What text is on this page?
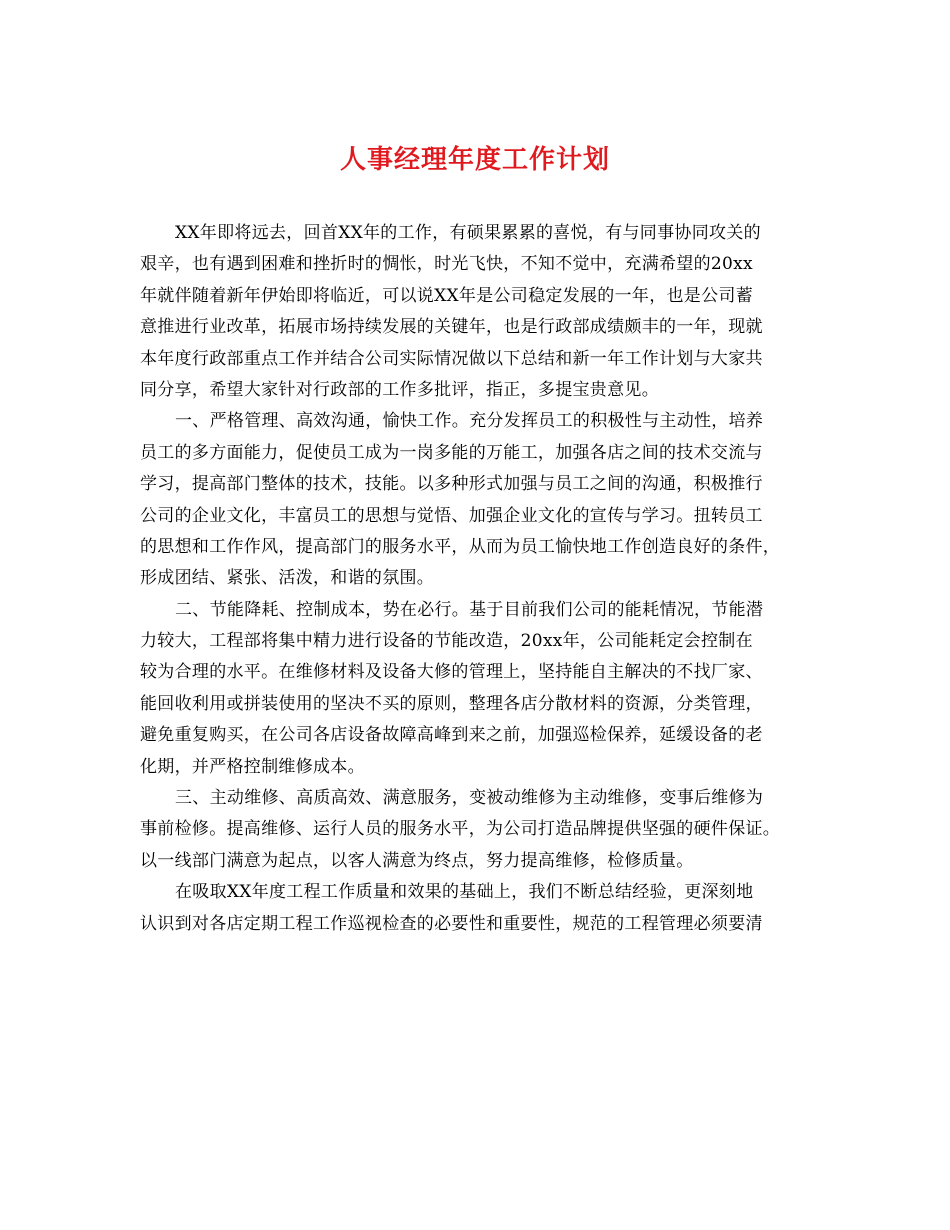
人事经理年度工作计划
XX年即将远去，回首XX年的工作，有硕果累累的喜悦，有与同事协同攻关的
艰辛，也有遇到困难和挫折时的惆怅，时光飞快，不知不觉中，充满希望的20xx
年就伴随着新年伊始即将临近，可以说XX年是公司稳定发展的一年，也是公司蓄
意推进行业改革，拓展市场持续发展的关键年，也是行政部成绩颇丰的一年，现就
本年度行政部重点工作并结合公司实际情况做以下总结和新一年工作计划与大家共
同分享，希望大家针对行政部的工作多批评，指正，多提宝贵意见。
一、严格管理、高效沟通，愉快工作。充分发挥员工的积极性与主动性，培养
员工的多方面能力，促使员工成为一岗多能的万能工，加强各店之间的技术交流与
学习，提高部门整体的技术，技能。以多种形式加强与员工之间的沟通，积极推行
公司的企业文化，丰富员工的思想与觉悟、加强企业文化的宣传与学习。扭转员工
的思想和工作作风，提高部门的服务水平，从而为员工愉快地工作创造良好的条件，
形成团结、紧张、活泼，和谐的氛围。
二、节能降耗、控制成本，势在必行。基于目前我们公司的能耗情况，节能潜
力较大，工程部将集中精力进行设备的节能改造，20xx年，公司能耗定会控制在
较为合理的水平。在维修材料及设备大修的管理上，坚持能自主解决的不找厂家、
能回收利用或拼装使用的坚决不买的原则，整理各店分散材料的资源，分类管理，
避免重复购买，在公司各店设备故障高峰到来之前，加强巡检保养，延缓设备的老
化期，并严格控制维修成本。
三、主动维修、高质高效、满意服务，变被动维修为主动维修，变事后维修为
事前检修。提高维修、运行人员的服务水平，为公司打造品牌提供坚强的硬件保证。
以一线部门满意为起点，以客人满意为终点，努力提高维修，检修质量。
在吸取XX年度工程工作质量和效果的基础上，我们不断总结经验，更深刻地
认识到对各店定期工程工作巡视检查的必要性和重要性，规范的工程管理必须要清
